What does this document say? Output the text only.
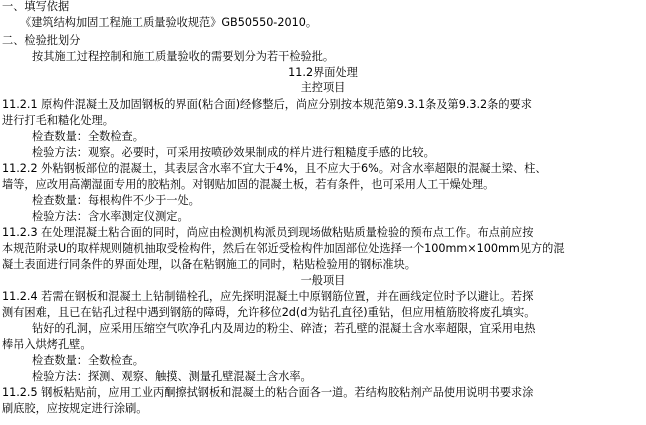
一、填写依据
《建筑结构加固工程施工质量验收规范》GB50550-2010。
二、检验批划分
按其施工过程控制和施工质量验收的需要划分为若干检验批。
11.2界面处理
主控项目
11.2.1 原构件混凝土及加固钢板的界面(粘合面)经修整后，尚应分别按本规范第9.3.1条及第9.3.2条的要求
进行打毛和糙化处理。
检查数量：全数检查。
检验方法：观察。必要时，可采用按喷砂效果制成的样片进行粗糙度手感的比较。
11.2.2 外粘钢板部位的混凝土，其表层含水率不宜大于4%，且不应大于6%。对含水率超限的混凝土梁、柱、
墙等，应改用高潮湿面专用的胶粘剂。对钢贴加固的混凝土板，若有条件，也可采用人工干燥处理。
检查数量：每根构件不少于一处。
检验方法：含水率测定仪测定。
11.2.3 在处理混凝土粘合面的同时，尚应由检测机构派员到现场做粘贴质量检验的预布点工作。布点前应按
本规范附录U的取样规则随机抽取受检构件，然后在邻近受检构件加固部位处选择一个100mm×100mm见方的混
凝土表面进行同条件的界面处理，以备在粘钢施工的同时，粘贴检验用的钢标准块。
一般项目
11.2.4 若需在钢板和混凝土上钻制锚栓孔，应先探明混凝土中原钢筋位置，并在画线定位时予以避让。若探
测有困难，且已在钻孔过程中遇到钢筋的障碍，允许移位2d(d为钻孔直径)重钻，但应用植筋胶将废孔填实。
钻好的孔洞，应采用压缩空气吹净孔内及周边的粉尘、碎渣；若孔壁的混凝土含水率超限，宜采用电热
棒吊入烘烤孔壁。
检查数量：全数检查。
检验方法：探测、观察、触摸、测量孔壁混凝土含水率。
11.2.5 钢板粘贴前，应用工业丙酮擦拭钢板和混凝土的粘合面各一道。若结构胶粘剂产品使用说明书要求涂
刷底胶，应按规定进行涂刷。
